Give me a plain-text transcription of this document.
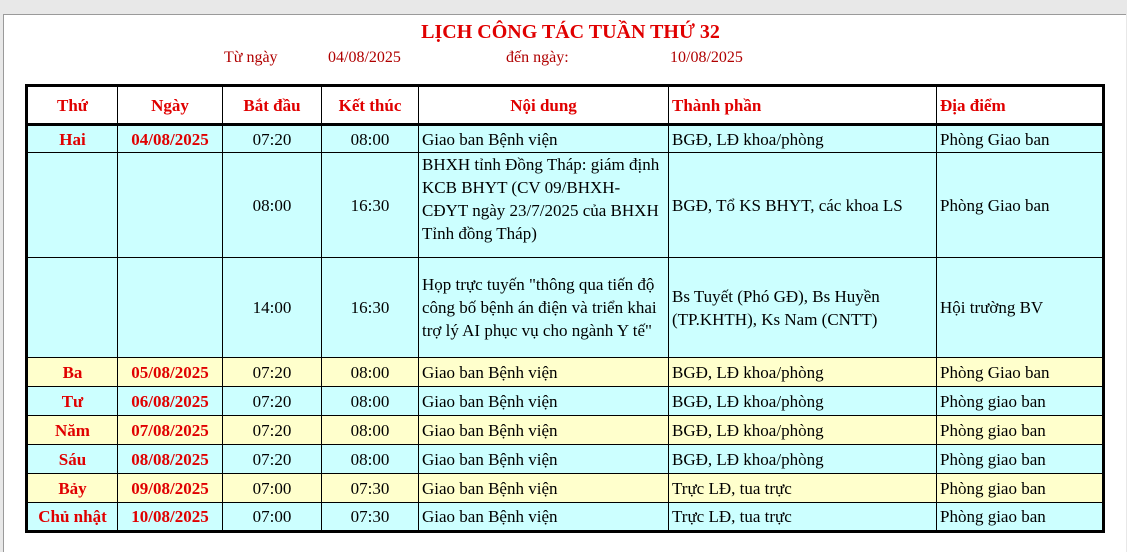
LỊCH CÔNG TÁC TUẦN THỨ 32
Từ ngày	04/08/2025	đến ngày:	10/08/2025
Thứ	Ngày	Bắt đầu	Kết thúc	Nội dung	Thành phần	Địa điểm
Hai	04/08/2025	07:20	08:00	Giao ban Bệnh viện	BGĐ, LĐ khoa/phòng	Phòng Giao ban
		08:00	16:30	BHXH tỉnh Đồng Tháp: giám định KCB BHYT (CV 09/BHXH-CĐYT ngày 23/7/2025 của BHXH Tỉnh đồng Tháp)	BGĐ, Tổ KS BHYT, các khoa LS	Phòng Giao ban
		14:00	16:30	Họp trực tuyến "thông qua tiến độ công bố bệnh án điện và triển khai trợ lý AI phục vụ cho ngành Y tế"	Bs Tuyết (Phó GĐ), Bs Huyền (TP.KHTH), Ks Nam (CNTT)	Hội trường BV
Ba	05/08/2025	07:20	08:00	Giao ban Bệnh viện	BGĐ, LĐ khoa/phòng	Phòng Giao ban
Tư	06/08/2025	07:20	08:00	Giao ban Bệnh viện	BGĐ, LĐ khoa/phòng	Phòng giao ban
Năm	07/08/2025	07:20	08:00	Giao ban Bệnh viện	BGĐ, LĐ khoa/phòng	Phòng giao ban
Sáu	08/08/2025	07:20	08:00	Giao ban Bệnh viện	BGĐ, LĐ khoa/phòng	Phòng giao ban
Bảy	09/08/2025	07:00	07:30	Giao ban Bệnh viện	Trực LĐ, tua trực	Phòng giao ban
Chủ nhật	10/08/2025	07:00	07:30	Giao ban Bệnh viện	Trực LĐ, tua trực	Phòng giao ban
